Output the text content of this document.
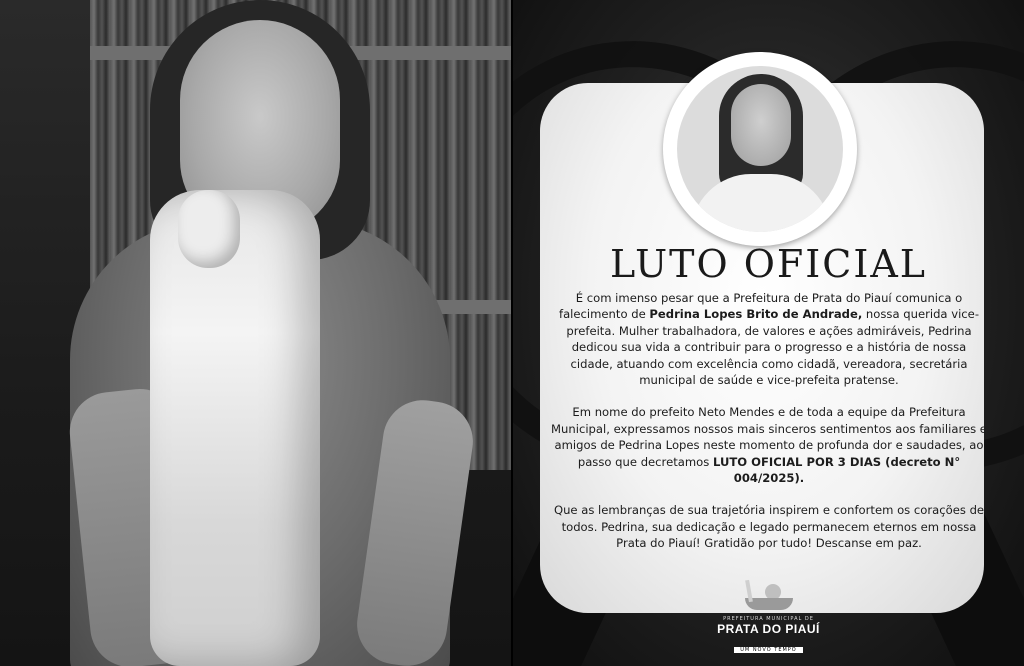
LUTO OFICIAL

É com imenso pesar que a Prefeitura de Prata do Piauí comunica o falecimento de Pedrina Lopes Brito de Andrade, nossa querida vice-prefeita. Mulher trabalhadora, de valores e ações admiráveis, Pedrina dedicou sua vida a contribuir para o progresso e a história de nossa cidade, atuando com excelência como cidadã, vereadora, secretária municipal de saúde e vice-prefeita pratense.

Em nome do prefeito Neto Mendes e de toda a equipe da Prefeitura Municipal, expressamos nossos mais sinceros sentimentos aos familiares e amigos de Pedrina Lopes neste momento de profunda dor e saudades, ao passo que decretamos LUTO OFICIAL POR 3 DIAS (decreto N° 004/2025).

Que as lembranças de sua trajetória inspirem e confortem os corações de todos. Pedrina, sua dedicação e legado permanecem eternos em nossa Prata do Piauí! Gratidão por tudo! Descanse em paz.

PREFEITURA MUNICIPAL DE
PRATA DO PIAUÍ
UM NOVO TEMPO
